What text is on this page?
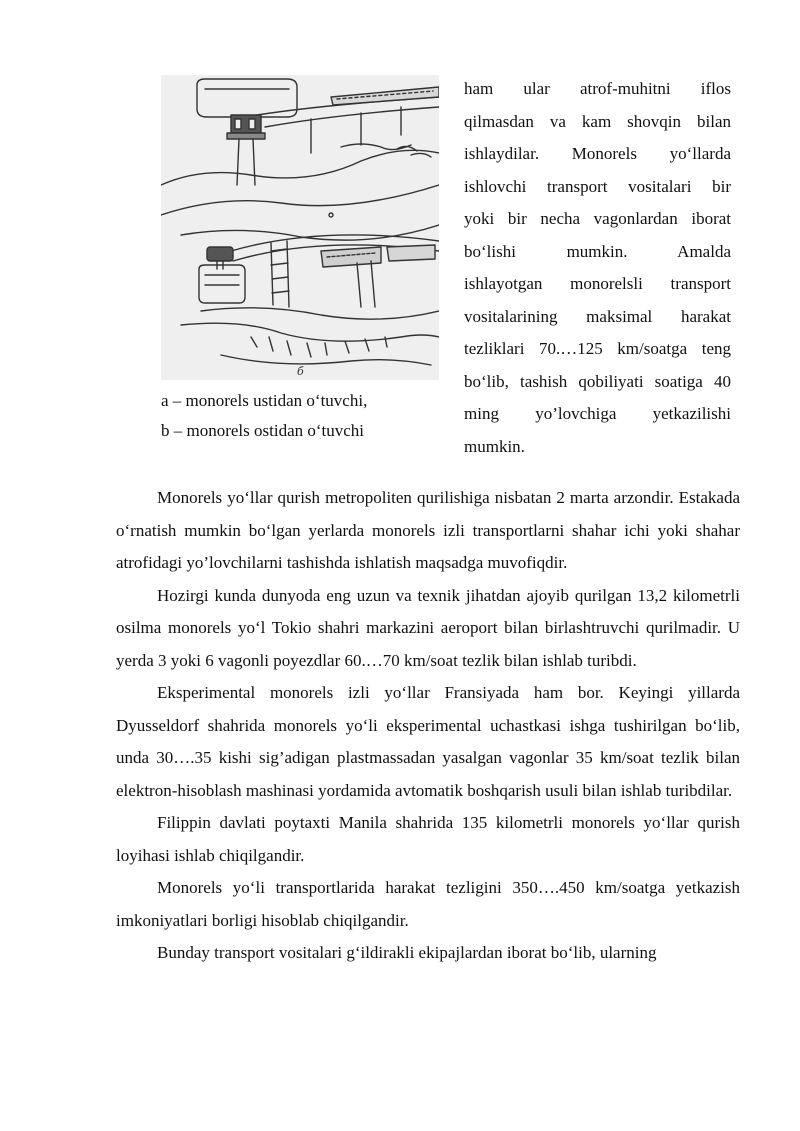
б
a – monorels ustidan o‘tuvchi,
b – monorels ostidan o‘tuvchi
ham ular atrof-muhitni iflos
qilmasdan va kam shovqin bilan
ishlaydilar. Monorels yo‘llarda
ishlovchi transport vositalari bir
yoki bir necha vagonlardan iborat
bo‘lishi mumkin. Amalda
ishlayotgan monorelsli transport
vositalarining maksimal harakat
tezliklari 70.…125 km/soatga teng
bo‘lib, tashish qobiliyati soatiga 40
ming yo’lovchiga yetkazilishi
mumkin.

Monorels yo‘llar qurish metropoliten qurilishiga nisbatan 2 marta arzondir. Estakada o‘rnatish mumkin bo‘lgan yerlarda monorels izli transportlarni shahar ichi yoki shahar atrofidagi yo’lovchilarni tashishda ishlatish maqsadga muvofiqdir.

Hozirgi kunda dunyoda eng uzun va texnik jihatdan ajoyib qurilgan 13,2 kilometrli osilma monorels yo‘l Tokio shahri markazini aeroport bilan birlashtruvchi qurilmadir. U yerda 3 yoki 6 vagonli poyezdlar 60.…70 km/soat tezlik bilan ishlab turibdi.

Eksperimental monorels izli yo‘llar Fransiyada ham bor. Keyingi yillarda Dyusseldorf shahrida monorels yo‘li eksperimental uchastkasi ishga tushirilgan bo‘lib, unda 30….35 kishi sig’adigan plastmassadan yasalgan vagonlar 35 km/soat tezlik bilan elektron-hisoblash mashinasi yordamida avtomatik boshqarish usuli bilan ishlab turibdilar.

Filippin davlati poytaxti Manila shahrida 135 kilometrli monorels yo‘llar qurish loyihasi ishlab chiqilgandir.

Monorels yo‘li transportlarida harakat tezligini 350….450 km/soatga yetkazish imkoniyatlari borligi hisoblab chiqilgandir.

Bunday transport vositalari g‘ildirakli ekipajlardan iborat bo‘lib, ularning
